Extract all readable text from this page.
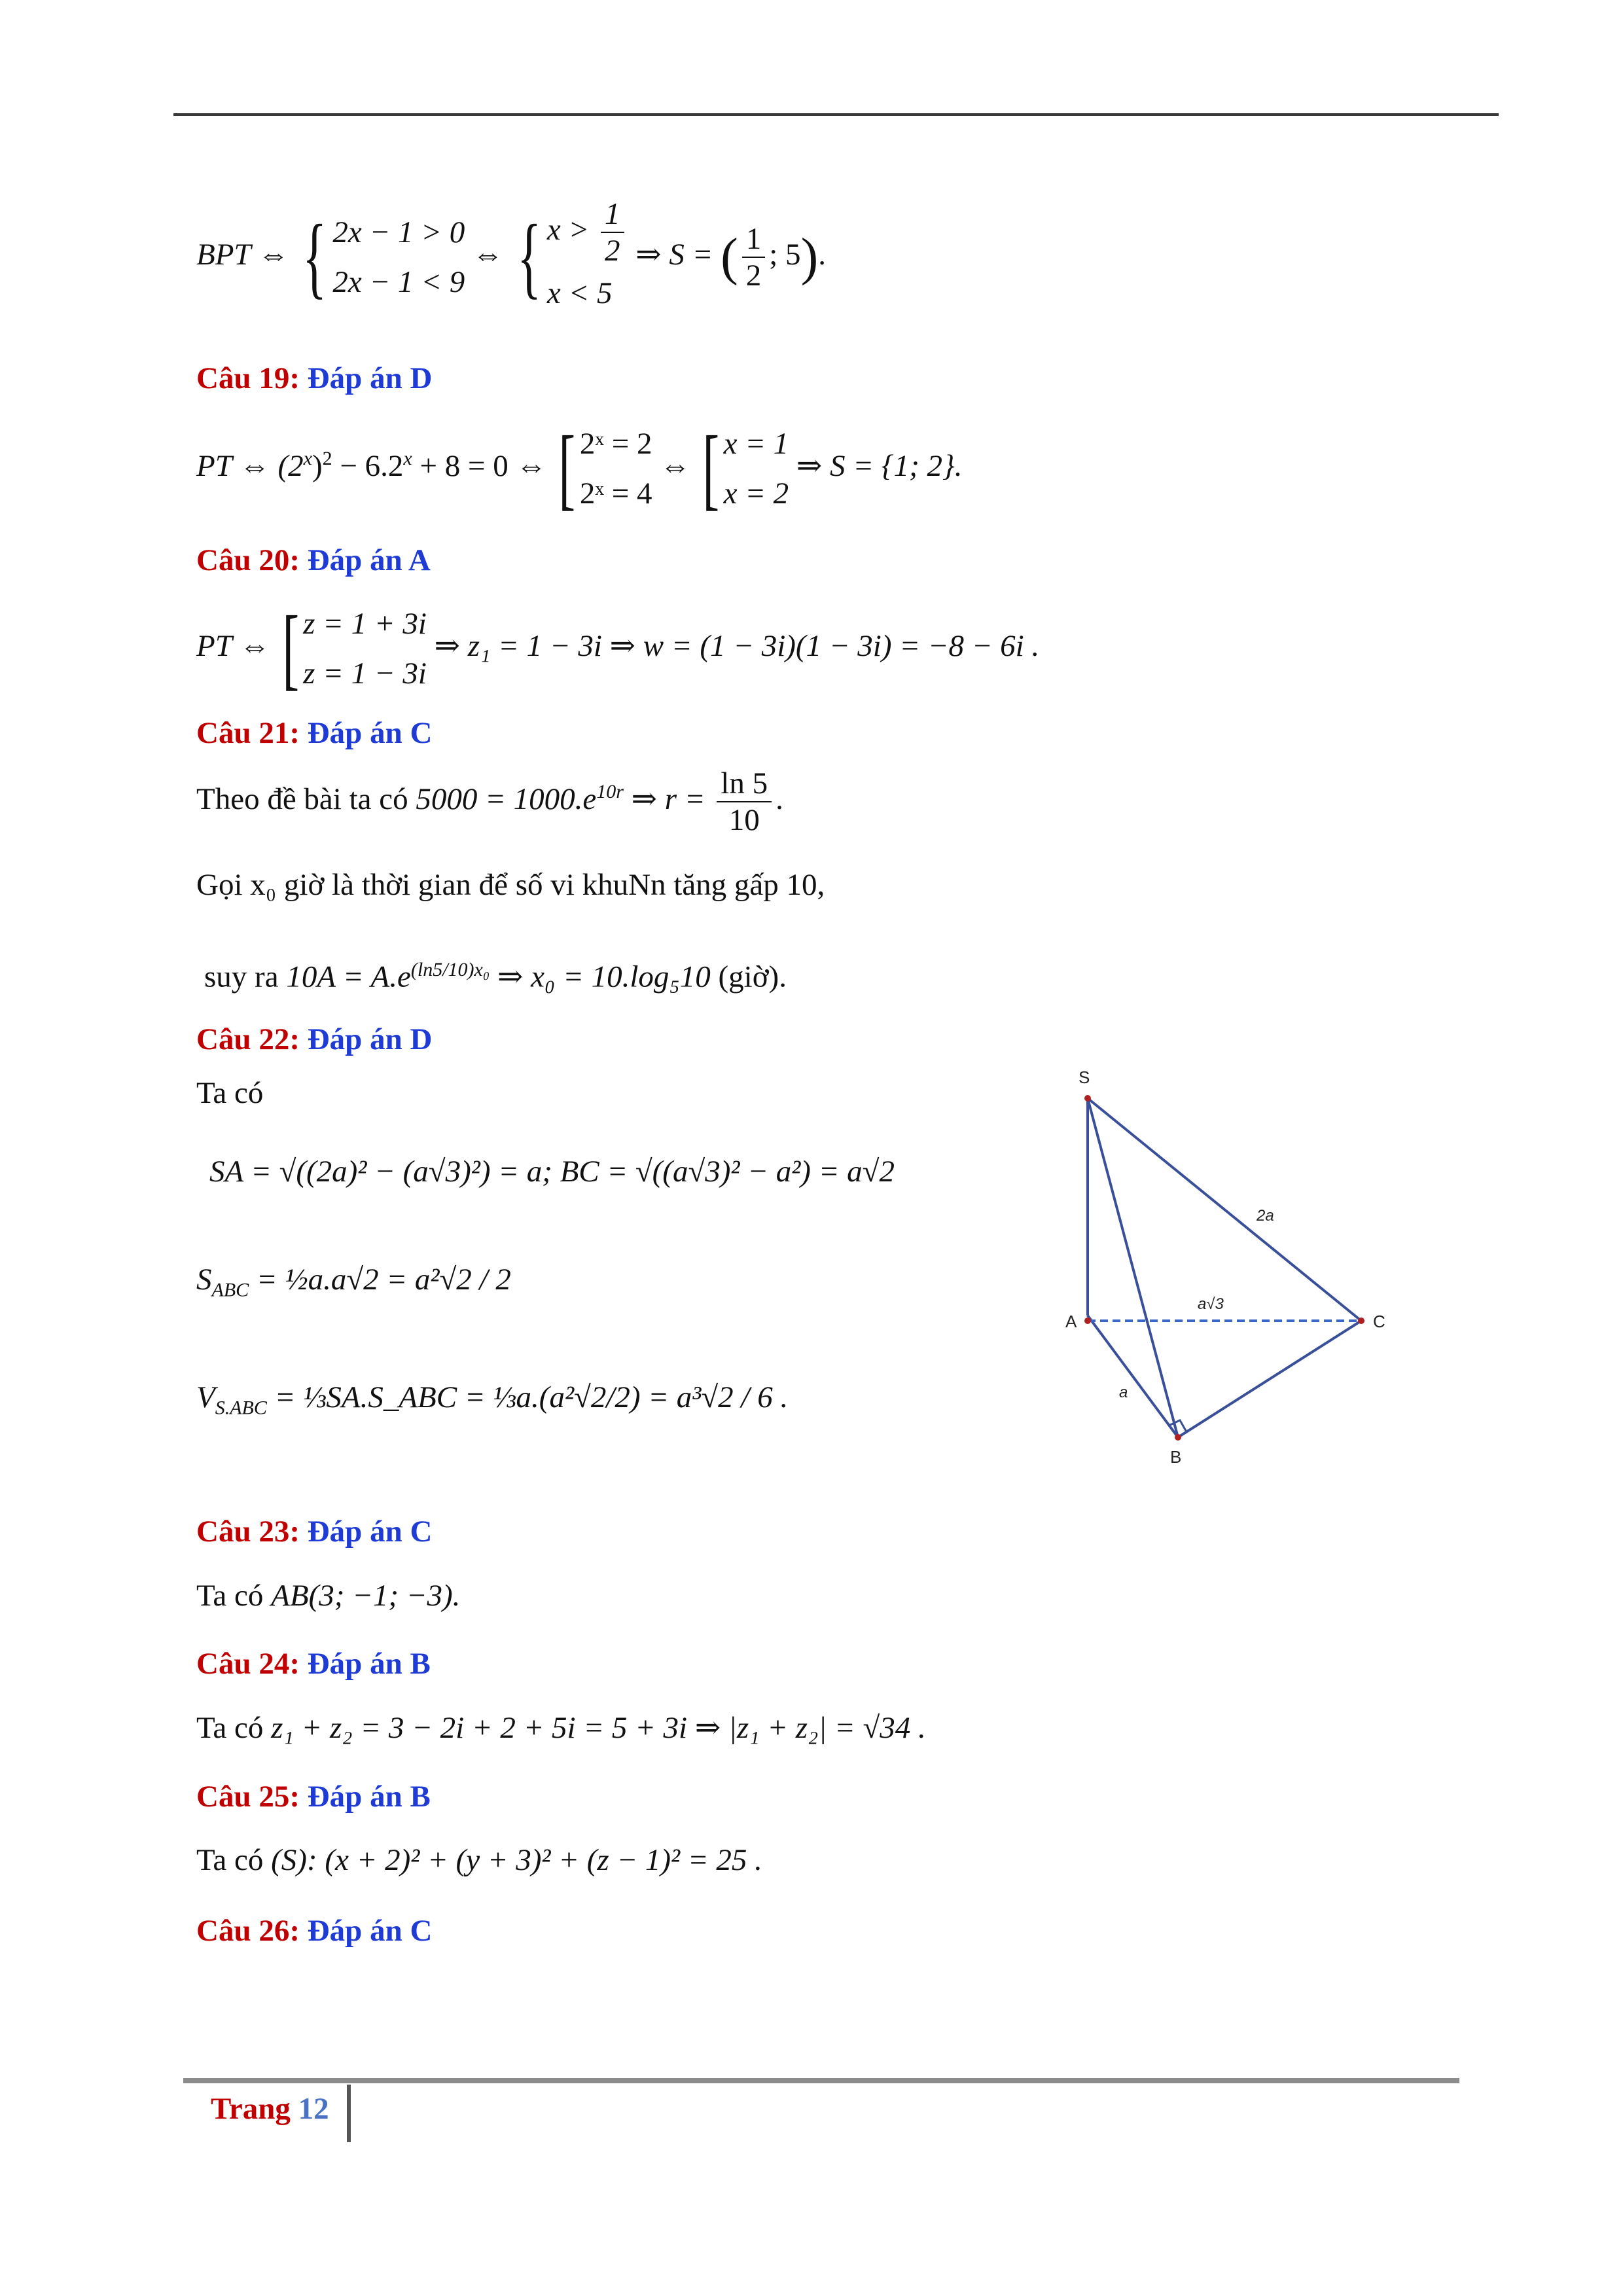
BPT ⇔ { 2x − 1 > 0
2x − 1 < 9
⇔ { $x > \frac{1}{2}$
x < 5
⇒ S = ( $\frac{1}{2}$ ; 5).
Câu 19: Đáp án D
PT ⇔ $(2^x)^2 - 6.2^x + 8 = 0$ ⇔ [ 2ˣ = 2
2ˣ = 4
⇔ [ x = 1
x = 2
⇒ S = {1; 2}.
Câu 20: Đáp án A
PT ⇔ [ z = 1 + 3i
z = 1 − 3i
⇒ z₁ = 1 − 3i ⇒ w = (1 − 3i)(1 − 3i) = −8 − 6i .
Câu 21: Đáp án C
Theo đề bài ta có $5000 = 1000.e^{10r}$ ⇒ $r = \frac{\ln 5}{10}$ .
Gọi x₀ giờ là thời gian để số vi khuNn tăng gấp 10,
suy ra $10A = A.e^{(ln5/10)x_0}$ ⇒ x₀ = 10.log₅10 (giờ).
Câu 22: Đáp án D
Ta có
SA = √((2a)² − (a√3)²) = a; BC = √((a√3)² − a²) = a√2
$S_{ABC}$ = ½a.a√2 = a²√2 / 2
$V_{S.ABC}$ = ⅓SA.S_ABC = ⅓a.(a²√2/2) = a³√2 / 6 .
S
A	C
B
2a
a√3
a
Câu 23: Đáp án C
Ta có AB(3; −1; −3).
Câu 24: Đáp án B
Ta có z₁ + z₂ = 3 − 2i + 2 + 5i = 5 + 3i ⇒ |z₁ + z₂| = √34 .
Câu 25: Đáp án B
Ta có (S): (x + 2)² + (y + 3)² + (z − 1)² = 25 .
Câu 26: Đáp án C
Trang 12
